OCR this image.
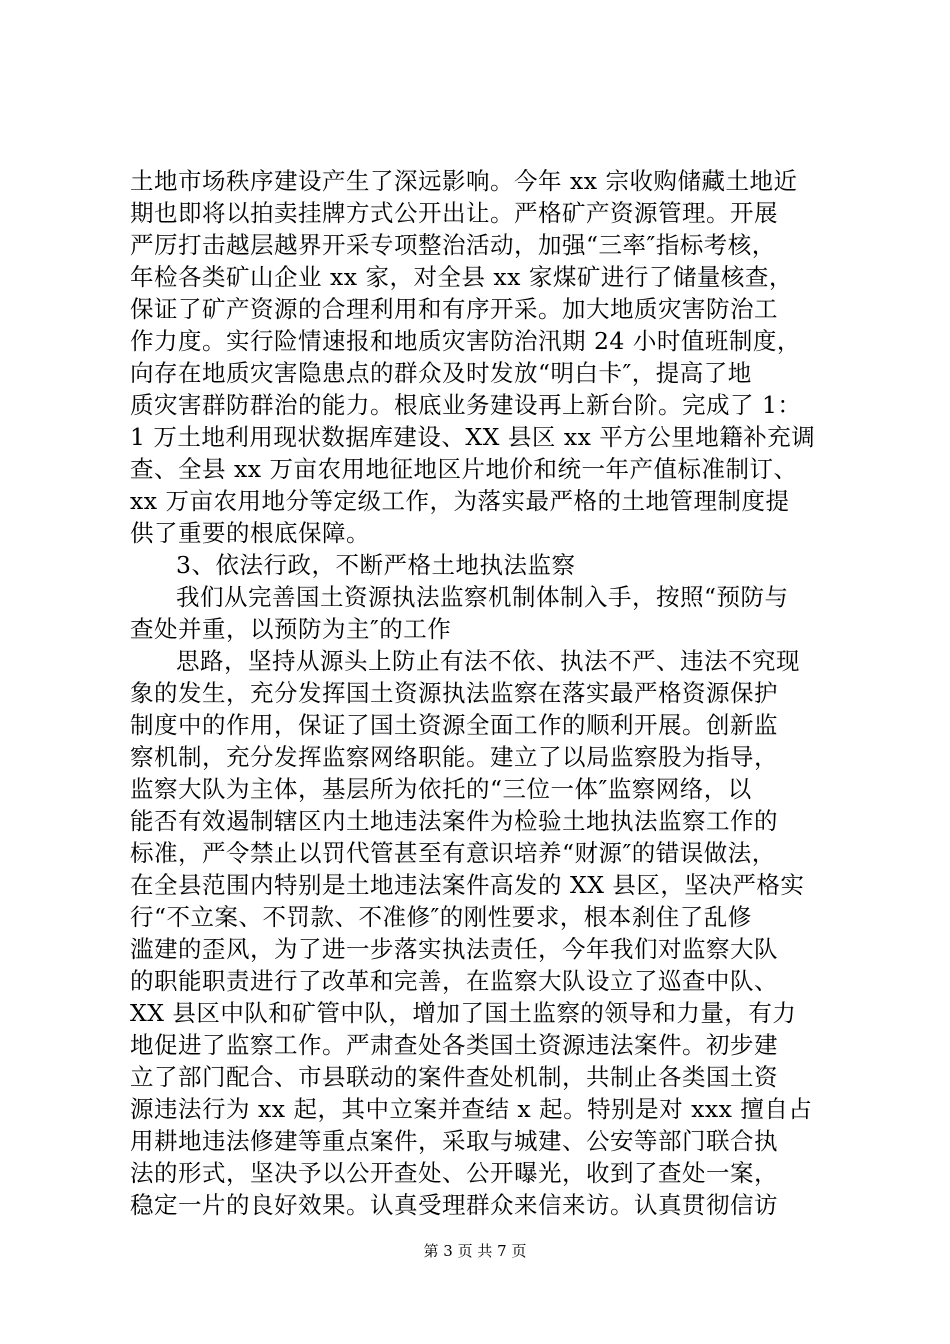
土地市场秩序建设产生了深远影响。今年 xx 宗收购储藏土地近
期也即将以拍卖挂牌方式公开出让。严格矿产资源管理。开展
严厉打击越层越界开采专项整治活动，加强“三率″指标考核，
年检各类矿山企业 xx 家，对全县 xx 家煤矿进行了储量核查，
保证了矿产资源的合理利用和有序开采。加大地质灾害防治工
作力度。实行险情速报和地质灾害防治汛期 24 小时值班制度，
向存在地质灾害隐患点的群众及时发放“明白卡″，提高了地
质灾害群防群治的能力。根底业务建设再上新台阶。完成了 1：
1 万土地利用现状数据库建设、XX 县区 xx 平方公里地籍补充调
查、全县 xx 万亩农用地征地区片地价和统一年产值标准制订、
xx 万亩农用地分等定级工作，为落实最严格的土地管理制度提
供了重要的根底保障。
3、依法行政，不断严格土地执法监察
我们从完善国土资源执法监察机制体制入手，按照“预防与
查处并重，以预防为主″的工作
思路，坚持从源头上防止有法不依、执法不严、违法不究现
象的发生，充分发挥国土资源执法监察在落实最严格资源保护
制度中的作用，保证了国土资源全面工作的顺利开展。创新监
察机制，充分发挥监察网络职能。建立了以局监察股为指导，
监察大队为主体，基层所为依托的“三位一体″监察网络，以
能否有效遏制辖区内土地违法案件为检验土地执法监察工作的
标准，严令禁止以罚代管甚至有意识培养“财源″的错误做法，
在全县范围内特别是土地违法案件高发的 XX 县区，坚决严格实
行“不立案、不罚款、不准修″的刚性要求，根本刹住了乱修
滥建的歪风，为了进一步落实执法责任，今年我们对监察大队
的职能职责进行了改革和完善，在监察大队设立了巡查中队、
XX 县区中队和矿管中队，增加了国土监察的领导和力量，有力
地促进了监察工作。严肃查处各类国土资源违法案件。初步建
立了部门配合、市县联动的案件查处机制，共制止各类国土资
源违法行为 xx 起，其中立案并查结 x 起。特别是对 xxx 擅自占
用耕地违法修建等重点案件，采取与城建、公安等部门联合执
法的形式，坚决予以公开查处、公开曝光，收到了查处一案，
稳定一片的良好效果。认真受理群众来信来访。认真贯彻信访
第 3 页 共 7 页
